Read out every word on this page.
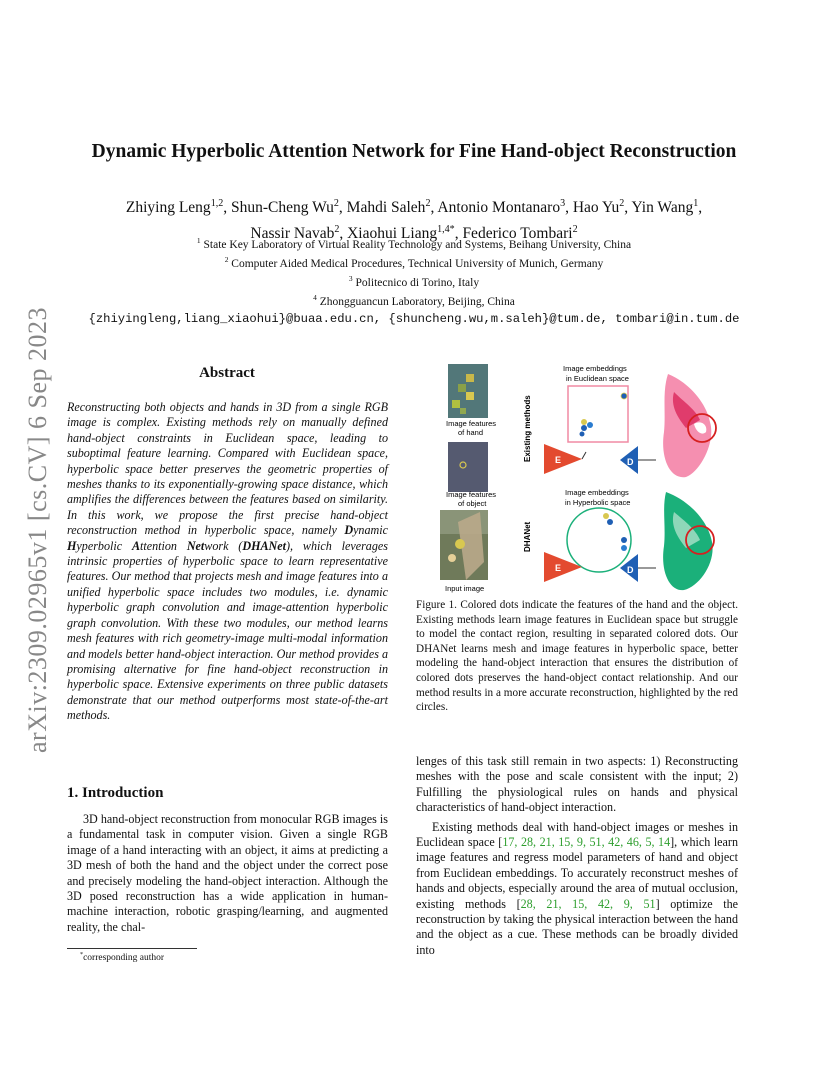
arXiv:2309.02965v1 [cs.CV] 6 Sep 2023
Dynamic Hyperbolic Attention Network for Fine Hand-object Reconstruction
Zhiying Leng$^{1,2}$, Shun-Cheng Wu$^2$, Mahdi Saleh$^2$, Antonio Montanaro$^3$, Hao Yu$^2$, Yin Wang$^1$,
Nassir Navab$^2$, Xiaohui Liang$^{1,4*}$, Federico Tombari$^2$
$^1$ State Key Laboratory of Virtual Reality Technology and Systems, Beihang University, China
$^2$ Computer Aided Medical Procedures, Technical University of Munich, Germany
$^3$ Politecnico di Torino, Italy
$^4$ Zhongguancun Laboratory, Beijing, China
{zhiyingleng,liang_xiaohui}@buaa.edu.cn, {shuncheng.wu,m.saleh}@tum.de, tombari@in.tum.de
Abstract

Reconstructing both objects and hands in 3D from a single RGB image is complex. Existing methods rely on manually defined hand-object constraints in Euclidean space, leading to suboptimal feature learning. Compared with Euclidean space, hyperbolic space better preserves the geometric properties of meshes thanks to its exponentially-growing space distance, which amplifies the differences between the features based on similarity. In this work, we propose the first precise hand-object reconstruction method in hyperbolic space, namely Dynamic Hyperbolic Attention Network (DHANet), which leverages intrinsic properties of hyperbolic space to learn representative features. Our method that projects mesh and image features into a unified hyperbolic space includes two modules, i.e. dynamic hyperbolic graph convolution and image-attention hyperbolic graph convolution. With these two modules, our method learns mesh features with rich geometry-image multi-modal information and models better hand-object interaction. Our method provides a promising alternative for fine hand-object reconstruction in hyperbolic space. Extensive experiments on three public datasets demonstrate that our method outperforms most state-of-the-art methods.

1. Introduction

3D hand-object reconstruction from monocular RGB images is a fundamental task in computer vision. Given a single RGB image of a hand interacting with an object, it aims at predicting a 3D mesh of both the hand and the object under the correct pose and precisely modeling the hand-object interaction. Although the 3D posed reconstruction has a wide application in human-machine interaction, robotic grasping/learning, and augmented reality, the chal-

*corresponding author
Image features
of hand
Image features
of object
Input image
Existing methods
DHANet
Image embeddings
in Euclidean space
E	D
Image embeddings
in Hyperbolic space
E	D
Figure 1. Colored dots indicate the features of the hand and the object. Existing methods learn image features in Euclidean space but struggle to model the contact region, resulting in separated colored dots. Our DHANet learns mesh and image features in hyperbolic space, better modeling the hand-object interaction that ensures the distribution of colored dots preserves the hand-object contact relationship. And our method results in a more accurate reconstruction, highlighted by the red circles.

lenges of this task still remain in two aspects: 1) Reconstructing meshes with the pose and scale consistent with the input; 2) Fulfilling the physiological rules on hands and physical characteristics of hand-object interaction.

Existing methods deal with hand-object images or meshes in Euclidean space [17, 28, 21, 15, 9, 51, 42, 46, 5, 14], which learn image features and regress model parameters of hand and object from Euclidean embeddings. To accurately reconstruct meshes of hands and objects, especially around the area of mutual occlusion, existing methods [28, 21, 15, 42, 9, 51] optimize the reconstruction by taking the physical interaction between the hand and the object as a cue. These methods can be broadly divided into
